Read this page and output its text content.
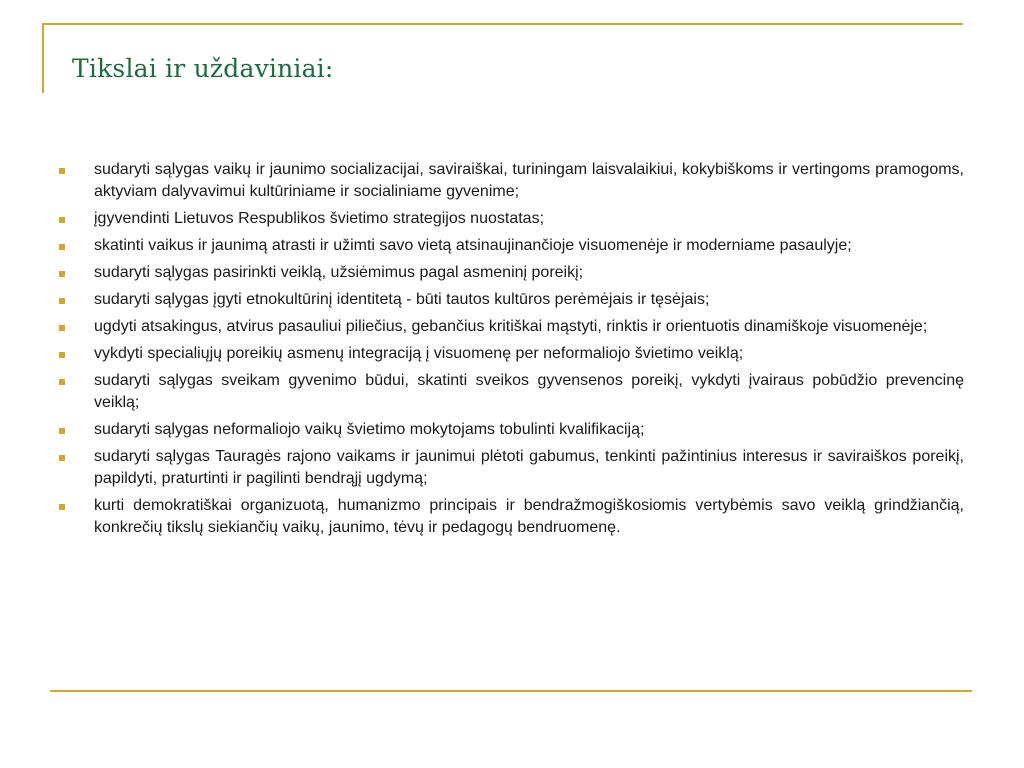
Tikslai ir uždaviniai:
sudaryti sąlygas vaikų ir jaunimo socializacijai, saviraiškai, turiningam laisvalaikiui, kokybiškoms ir vertingoms pramogoms, aktyviam dalyvavimui kultūriniame ir socialiniame gyvenime;
įgyvendinti Lietuvos Respublikos švietimo strategijos nuostatas;
skatinti vaikus ir jaunimą atrasti ir užimti savo vietą atsinaujinančioje visuomenėje ir moderniame pasaulyje;
sudaryti sąlygas pasirinkti veiklą, užsiėmimus pagal asmeninį poreikį;
sudaryti sąlygas įgyti etnokultūrinį identitetą - būti tautos kultūros perėmėjais ir tęsėjais;
ugdyti atsakingus, atvirus pasauliui piliečius, gebančius kritiškai mąstyti, rinktis ir orientuotis dinamiškoje visuomenėje;
vykdyti specialiųjų poreikių asmenų integraciją į visuomenę per neformaliojo švietimo veiklą;
sudaryti sąlygas sveikam gyvenimo būdui, skatinti sveikos gyvensenos poreikį, vykdyti įvairaus pobūdžio prevencinę veiklą;
sudaryti sąlygas neformaliojo vaikų švietimo mokytojams tobulinti kvalifikaciją;
sudaryti sąlygas Tauragės rajono vaikams ir jaunimui plėtoti gabumus, tenkinti pažintinius interesus ir saviraiškos poreikį, papildyti, praturtinti ir pagilinti bendrąjį ugdymą;
kurti demokratiškai organizuotą, humanizmo principais ir bendražmogiškosiomis vertybėmis savo veiklą grindžiančią, konkrečių tikslų siekiančių vaikų, jaunimo, tėvų ir pedagogų bendruomenę.
